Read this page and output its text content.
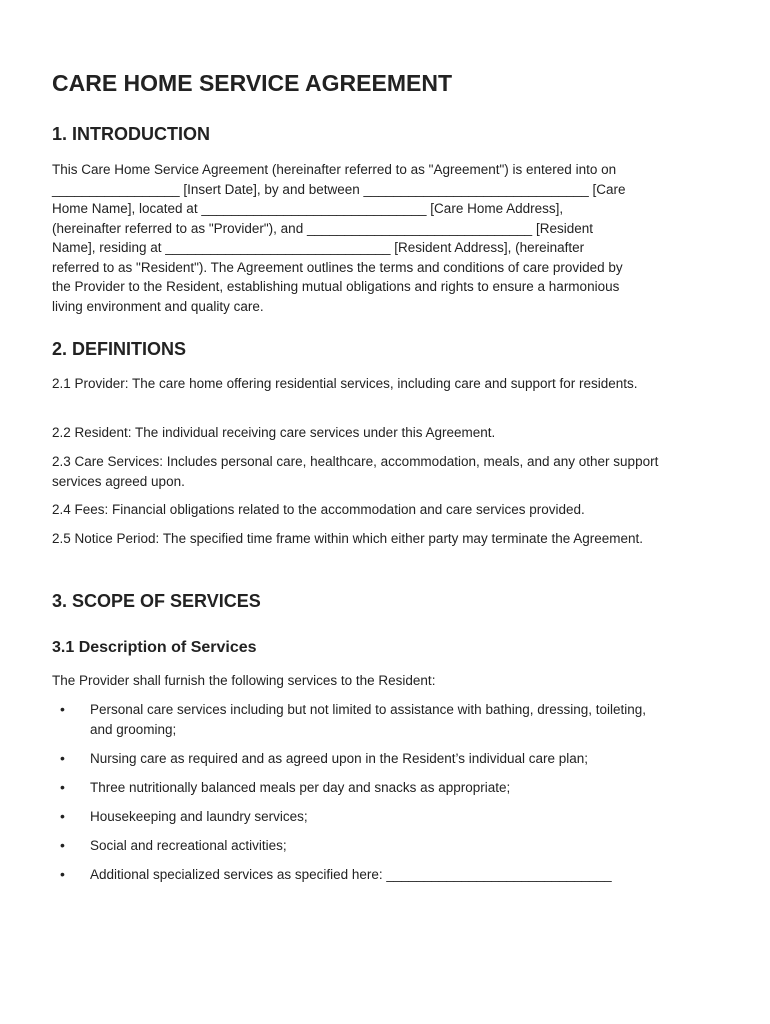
CARE HOME SERVICE AGREEMENT
1. INTRODUCTION

This Care Home Service Agreement (hereinafter referred to as "Agreement") is entered into on
_________________ [Insert Date], by and between ______________________________ [Care
Home Name], located at ______________________________ [Care Home Address],
(hereinafter referred to as "Provider"), and ______________________________ [Resident
Name], residing at ______________________________ [Resident Address], (hereinafter
referred to as "Resident"). The Agreement outlines the terms and conditions of care provided by
the Provider to the Resident, establishing mutual obligations and rights to ensure a harmonious
living environment and quality care.

2. DEFINITIONS

2.1 Provider: The care home offering residential services, including care and support for residents.

2.2 Resident: The individual receiving care services under this Agreement.

2.3 Care Services: Includes personal care, healthcare, accommodation, meals, and any other support services agreed upon.

2.4 Fees: Financial obligations related to the accommodation and care services provided.

2.5 Notice Period: The specified time frame within which either party may terminate the Agreement.

3. SCOPE OF SERVICES
3.1 Description of Services

The Provider shall furnish the following services to the Resident:

• Personal care services including but not limited to assistance with bathing, dressing, toileting, and grooming;
• Nursing care as required and as agreed upon in the Resident’s individual care plan;
• Three nutritionally balanced meals per day and snacks as appropriate;
• Housekeeping and laundry services;
• Social and recreational activities;
• Additional specialized services as specified here: ______________________________
